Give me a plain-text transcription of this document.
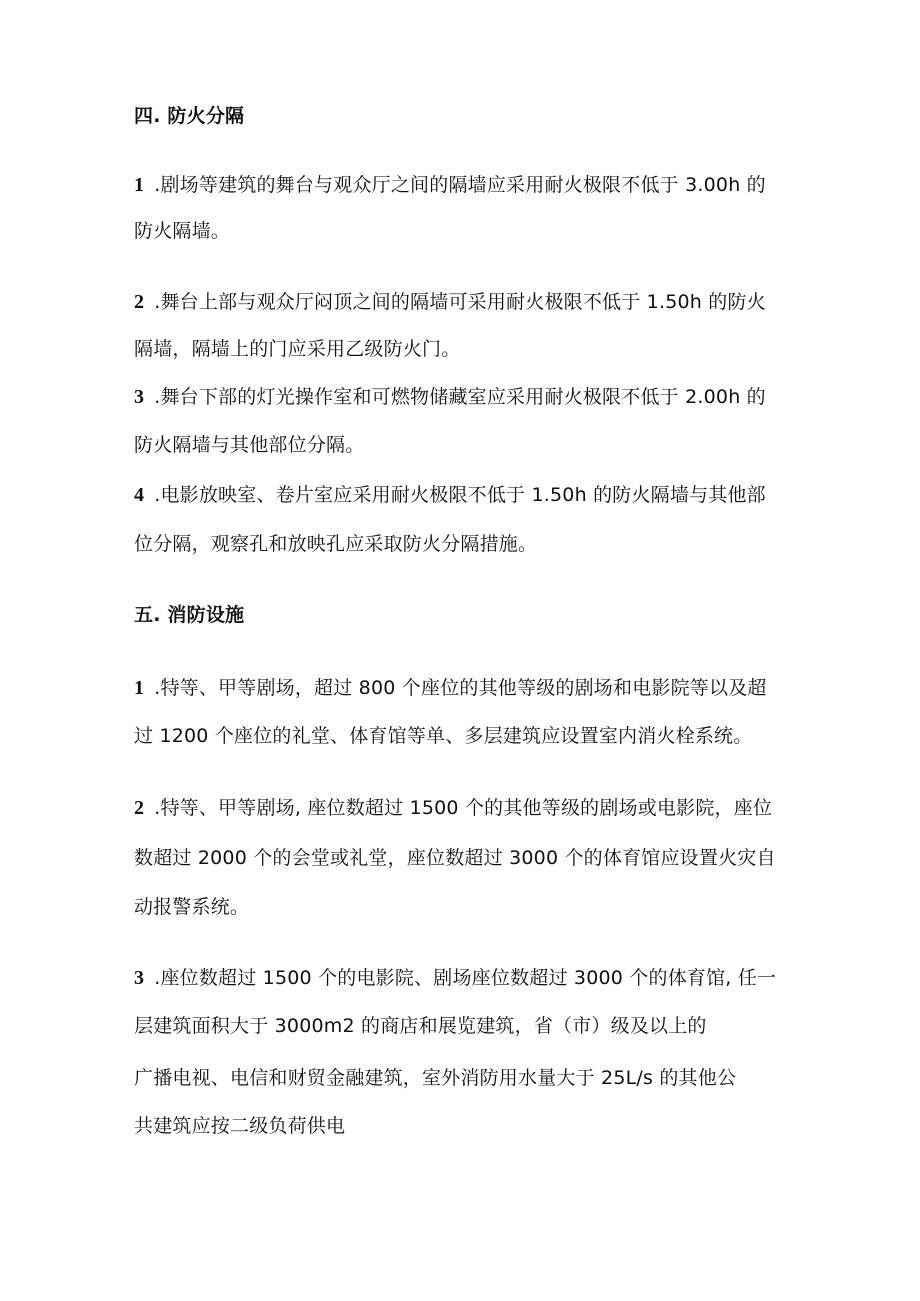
四. 防火分隔
1 .剧场等建筑的舞台与观众厅之间的隔墙应采用耐火极限不低于 3.00h 的
防火隔墙。
2 .舞台上部与观众厅闷顶之间的隔墙可采用耐火极限不低于 1.50h 的防火
隔墙，隔墙上的门应采用乙级防火门。
3 .舞台下部的灯光操作室和可燃物储藏室应采用耐火极限不低于 2.00h 的
防火隔墙与其他部位分隔。
4 .电影放映室、卷片室应采用耐火极限不低于 1.50h 的防火隔墙与其他部
位分隔，观察孔和放映孔应采取防火分隔措施。
五. 消防设施
1 .特等、甲等剧场，超过 800 个座位的其他等级的剧场和电影院等以及超
过 1200 个座位的礼堂、体育馆等单、多层建筑应设置室内消火栓系统。
2 .特等、甲等剧场, 座位数超过 1500 个的其他等级的剧场或电影院，座位
数超过 2000 个的会堂或礼堂，座位数超过 3000 个的体育馆应设置火灾自
动报警系统。
3 .座位数超过 1500 个的电影院、剧场座位数超过 3000 个的体育馆, 任一
层建筑面积大于 3000m2 的商店和展览建筑，省（市）级及以上的
广播电视、电信和财贸金融建筑，室外消防用水量大于 25L/s 的其他公
共建筑应按二级负荷供电
